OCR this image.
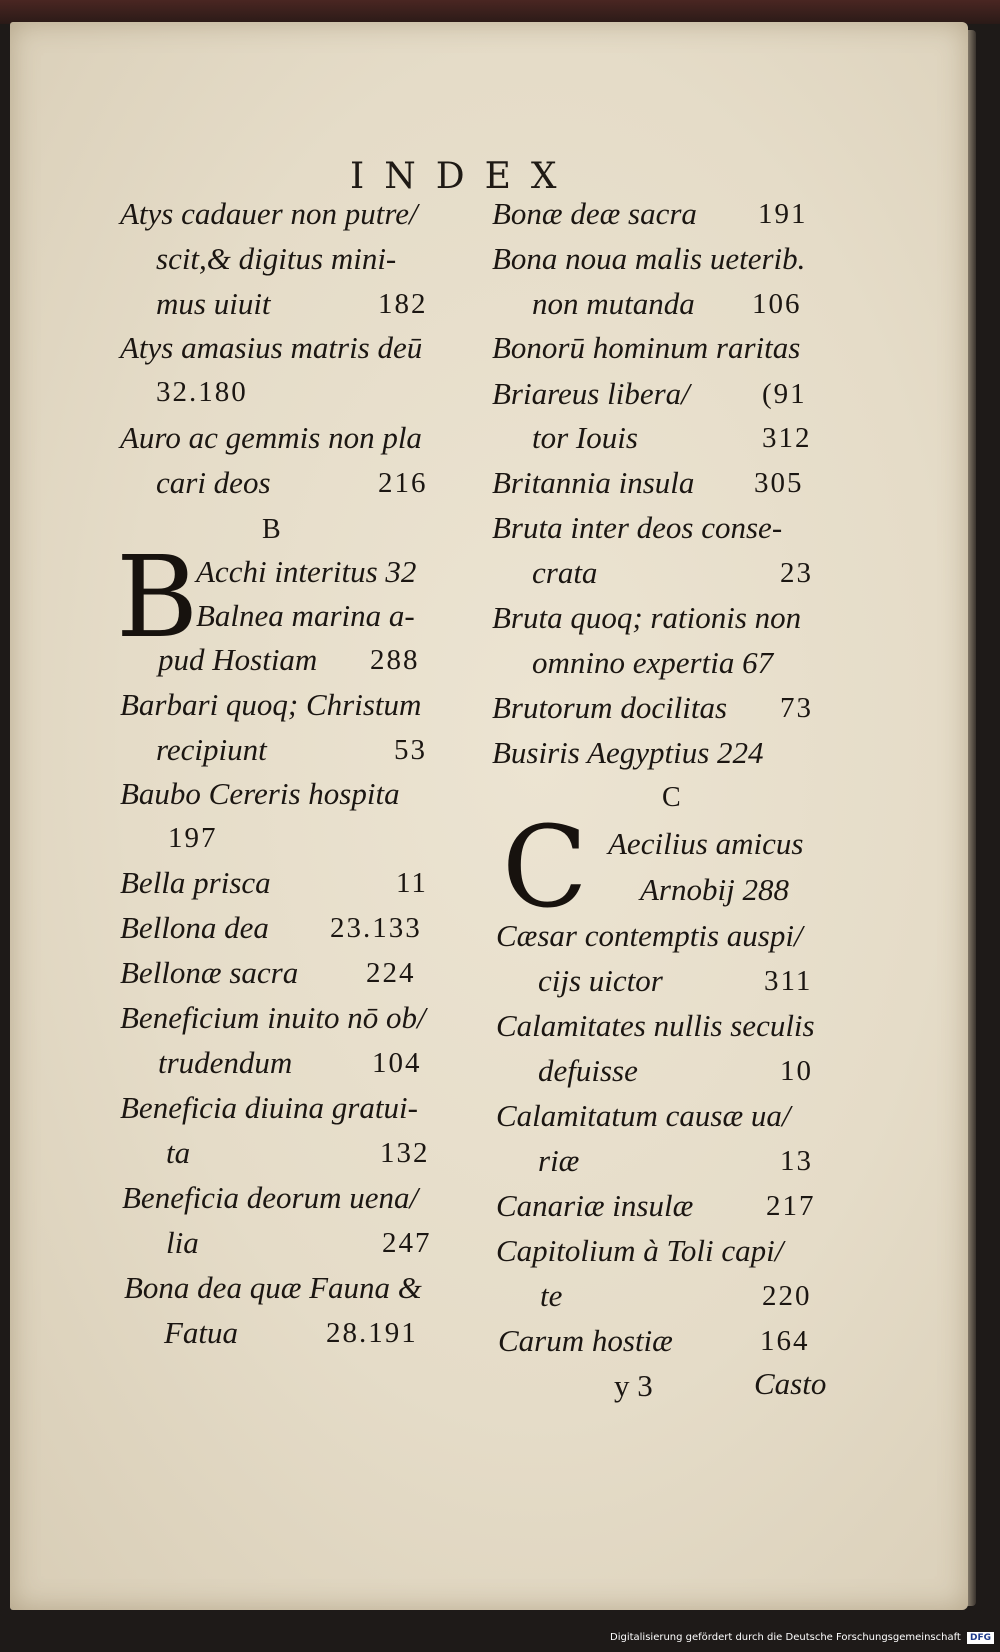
INDEX
Atys cadauer non putre/
scit,& digitus mini-
mus uiuit	182
Atys amasius matris deū
32.180
Auro ac gemmis non pla
cari deos	216
B
B
Acchi interitus 32
Balnea marina a-
pud Hostiam 288
Barbari quoq; Christum
recipiunt	53
Baubo Cereris hospita
197
Bella prisca	11
Bellona dea 23.133
Bellonæ sacra 224
Beneficium inuito nō ob/
trudendum	104
Beneficia diuina gratui-
ta	132
Beneficia deorum uena/
lia	247
Bona dea quæ Fauna &
Fatua	28.191
Bonæ deæ sacra 191
Bona noua malis ueterib.
non mutanda 106
Bonorū hominum raritas
Briareus libera/ (91
tor Iouis	312
Britannia insula 305
Bruta inter deos conse-
crata	23
Bruta quoq; rationis non
omnino expertia 67
Brutorum docilitas 73
Busiris Aegyptius 224
C
C Aecilius amicus
Arnobij 288
Cæsar contemptis auspi/
cijs uictor	311
Calamitates nullis seculis
defuisse	10
Calamitatum causæ ua/
riæ	13
Canariæ insulæ	217
Capitolium à Toli capi/
te	220
Carum hostiæ	164
y 3	Casto
Digitalisierung gefördert durch die Deutsche Forschungsgemeinschaft	DFG
